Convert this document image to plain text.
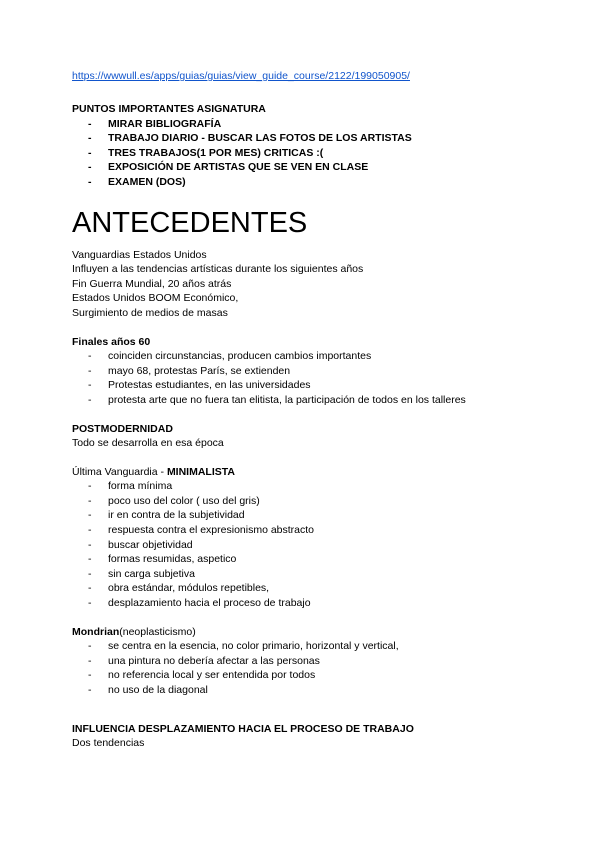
https://wwwull.es/apps/guias/guias/view_guide_course/2122/199050905/

PUNTOS IMPORTANTES ASIGNATURA

- MIRAR BIBLIOGRAFÍA
- TRABAJO DIARIO - BUSCAR LAS FOTOS DE LOS ARTISTAS
- TRES TRABAJOS(1 POR MES) CRITICAS :(
- EXPOSICIÓN DE ARTISTAS QUE SE VEN EN CLASE
- EXAMEN (DOS)
ANTECEDENTES

Vanguardias Estados Unidos

Influyen a las tendencias artísticas durante los siguientes años

Fin Guerra Mundial, 20 años atrás

Estados Unidos BOOM Económico,

Surgimiento de medios de masas

Finales años 60

- coinciden circunstancias, producen cambios importantes
- mayo 68, protestas París, se extienden
- Protestas estudiantes, en las universidades
- protesta arte que no fuera tan elitista, la participación de todos en los talleres

POSTMODERNIDAD

Todo se desarrolla en esa época

Última Vanguardia - MINIMALISTA

- forma mínima
- poco uso del color ( uso del gris)
- ir en contra de la subjetividad
- respuesta contra el expresionismo abstracto
- buscar objetividad
- formas resumidas, aspetico
- sin carga subjetiva
- obra estándar, módulos repetibles,
- desplazamiento hacia el proceso de trabajo

Mondrian(neoplasticismo)

- se centra en la esencia, no color primario, horizontal y vertical,
- una pintura no debería afectar a las personas
- no referencia local y ser entendida por todos
- no uso de la diagonal

INFLUENCIA DESPLAZAMIENTO HACIA EL PROCESO DE TRABAJO

Dos tendencias
